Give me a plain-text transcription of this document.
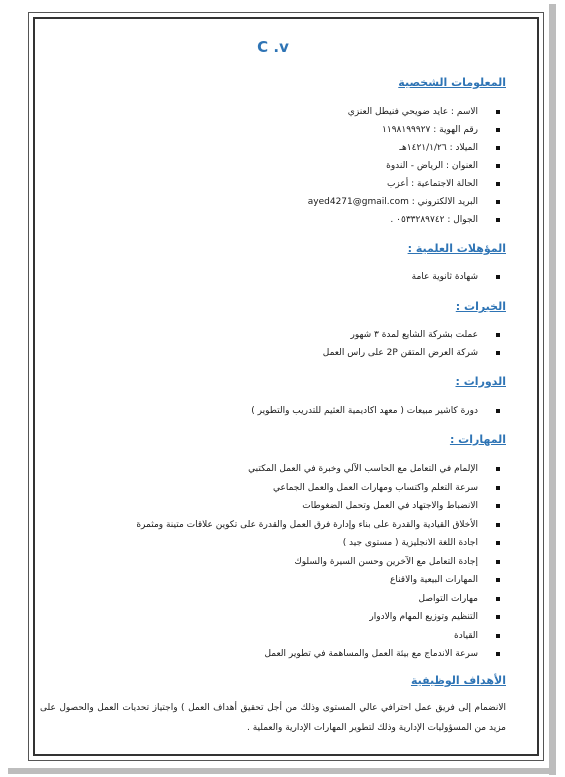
C .v
المعلومات الشخصية
الاسم : عايد ضويحي فنيطل العنزي
رقم الهوية : ١١٩٨١٩٩٩٢٧
الميلاد : ١٤٢١/١/٢٦هـ
العنوان : الرياض - الندوة
الحالة الاجتماعية : أعزب
البريد الالكتروني : ayed4271@gmail.com
الجوال : ٠٥٣٣٢٨٩٧٤٢ .
المؤهلات العلمية :
شهادة ثانوية عامة
الخبرات :
عملت بشركة الشايع لمدة ٣ شهور
شركة العرض المتقن 2P على راس العمل
الدورات :
دورة كاشير مبيعات ( معهد اكاديمية العثيم للتدريب والتطوير )
المهارات :
الإلمام في التعامل مع الحاسب الآلي وخبرة في العمل المكتبي
سرعة التعلم واكتساب ومهارات العمل والعمل الجماعي
الانضباط والاجتهاد في العمل وتحمل الضغوطات
الأخلاق القيادية والقدرة على بناء وإدارة فرق العمل والقدرة على تكوين علاقات متينة ومثمرة
اجادة اللغة الانجليزية ( مستوى جيد )
إجادة التعامل مع الآخرين وحسن السيرة والسلوك
المهارات البيعية والاقناع
مهارات التواصل
التنظيم وتوزيع المهام والادوار
القيادة
سرعة الاندماج مع بيئة العمل والمساهمة في تطوير العمل
الأهداف الوظيفية
الانضمام إلى فريق عمل احترافي عالي المستوى وذلك من أجل تحقيق أهداف العمل ) واجتياز تحديات العمل والحصول على مزيد من المسؤوليات الإدارية وذلك لتطوير المهارات الإدارية والعملية .
